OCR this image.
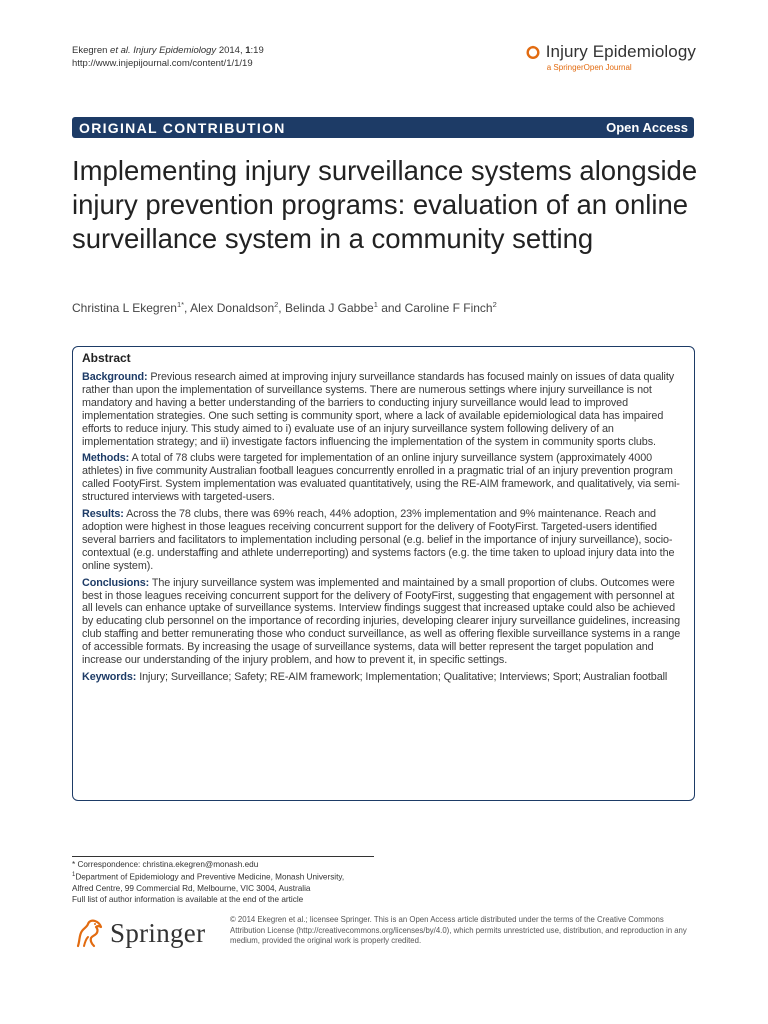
Ekegren et al. Injury Epidemiology 2014, 1:19
http://www.injepijournal.com/content/1/1/19
Injury Epidemiology
a SpringerOpen Journal
ORIGINAL CONTRIBUTION	Open Access
Implementing injury surveillance systems alongside injury prevention programs: evaluation of an online surveillance system in a community setting
Christina L Ekegren$^{1*}$, Alex Donaldson$^2$, Belinda J Gabbe$^1$ and Caroline F Finch$^2$
Abstract

Background: Previous research aimed at improving injury surveillance standards has focused mainly on issues of data quality rather than upon the implementation of surveillance systems. There are numerous settings where injury surveillance is not mandatory and having a better understanding of the barriers to conducting injury surveillance would lead to improved implementation strategies. One such setting is community sport, where a lack of available epidemiological data has impaired efforts to reduce injury. This study aimed to i) evaluate use of an injury surveillance system following delivery of an implementation strategy; and ii) investigate factors influencing the implementation of the system in community sports clubs.

Methods: A total of 78 clubs were targeted for implementation of an online injury surveillance system (approximately 4000 athletes) in five community Australian football leagues concurrently enrolled in a pragmatic trial of an injury prevention program called FootyFirst. System implementation was evaluated quantitatively, using the RE-AIM framework, and qualitatively, via semi-structured interviews with targeted-users.

Results: Across the 78 clubs, there was 69% reach, 44% adoption, 23% implementation and 9% maintenance. Reach and adoption were highest in those leagues receiving concurrent support for the delivery of FootyFirst. Targeted-users identified several barriers and facilitators to implementation including personal (e.g. belief in the importance of injury surveillance), socio-contextual (e.g. understaffing and athlete underreporting) and systems factors (e.g. the time taken to upload injury data into the online system).

Conclusions: The injury surveillance system was implemented and maintained by a small proportion of clubs. Outcomes were best in those leagues receiving concurrent support for the delivery of FootyFirst, suggesting that engagement with personnel at all levels can enhance uptake of surveillance systems. Interview findings suggest that increased uptake could also be achieved by educating club personnel on the importance of recording injuries, developing clearer injury surveillance guidelines, increasing club staffing and better remunerating those who conduct surveillance, as well as offering flexible surveillance systems in a range of accessible formats. By increasing the usage of surveillance systems, data will better represent the target population and increase our understanding of the injury problem, and how to prevent it, in specific settings.

Keywords: Injury; Surveillance; Safety; RE-AIM framework; Implementation; Qualitative; Interviews; Sport; Australian football

* Correspondence: christina.ekegren@monash.edu
$^1$Department of Epidemiology and Preventive Medicine, Monash University,
Alfred Centre, 99 Commercial Rd, Melbourne, VIC 3004, Australia
Full list of author information is available at the end of the article
Springer	© 2014 Ekegren et al.; licensee Springer. This is an Open Access article distributed under the terms of the Creative Commons Attribution License (http://creativecommons.org/licenses/by/4.0), which permits unrestricted use, distribution, and reproduction in any medium, provided the original work is properly credited.
